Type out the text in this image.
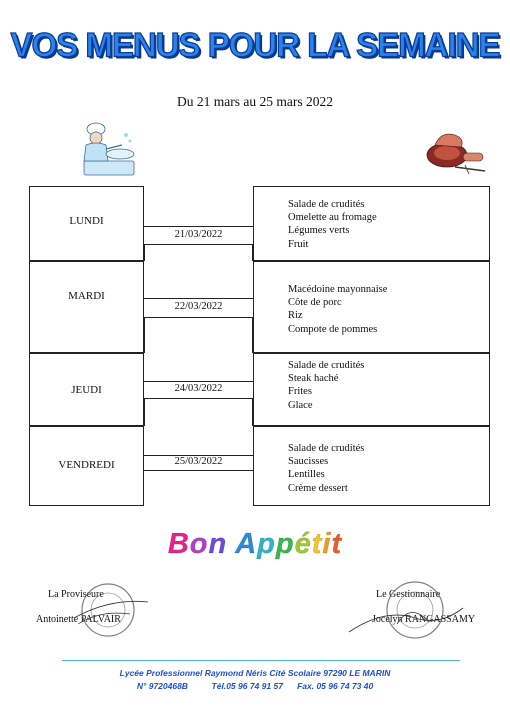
VOS MENUS POUR LA SEMAINE
Du 21 mars au 25 mars 2022
LUNDI
MARDI
JEUDI
VENDREDI
Salade de crudités
Omelette au fromage
Légumes verts
Fruit
Macédoine mayonnaise
Côte de porc
Riz
Compote de pommes
Salade de crudités
Steak haché
Frites
Glace
Salade de crudités
Saucisses
Lentilles
Crème dessert
21/03/2022
22/03/2022
24/03/2022
25/03/2022
Bon Appétit
La Proviseure
Antoinette PALVAIR
Le Gestionnaire
Jocelyn RANGASSAMY
Lycée Professionnel Raymond Néris Cité Scolaire 97290 LE MARIN
N° 9720468B          Tél.05 96 74 91 57      Fax. 05 96 74 73 40
